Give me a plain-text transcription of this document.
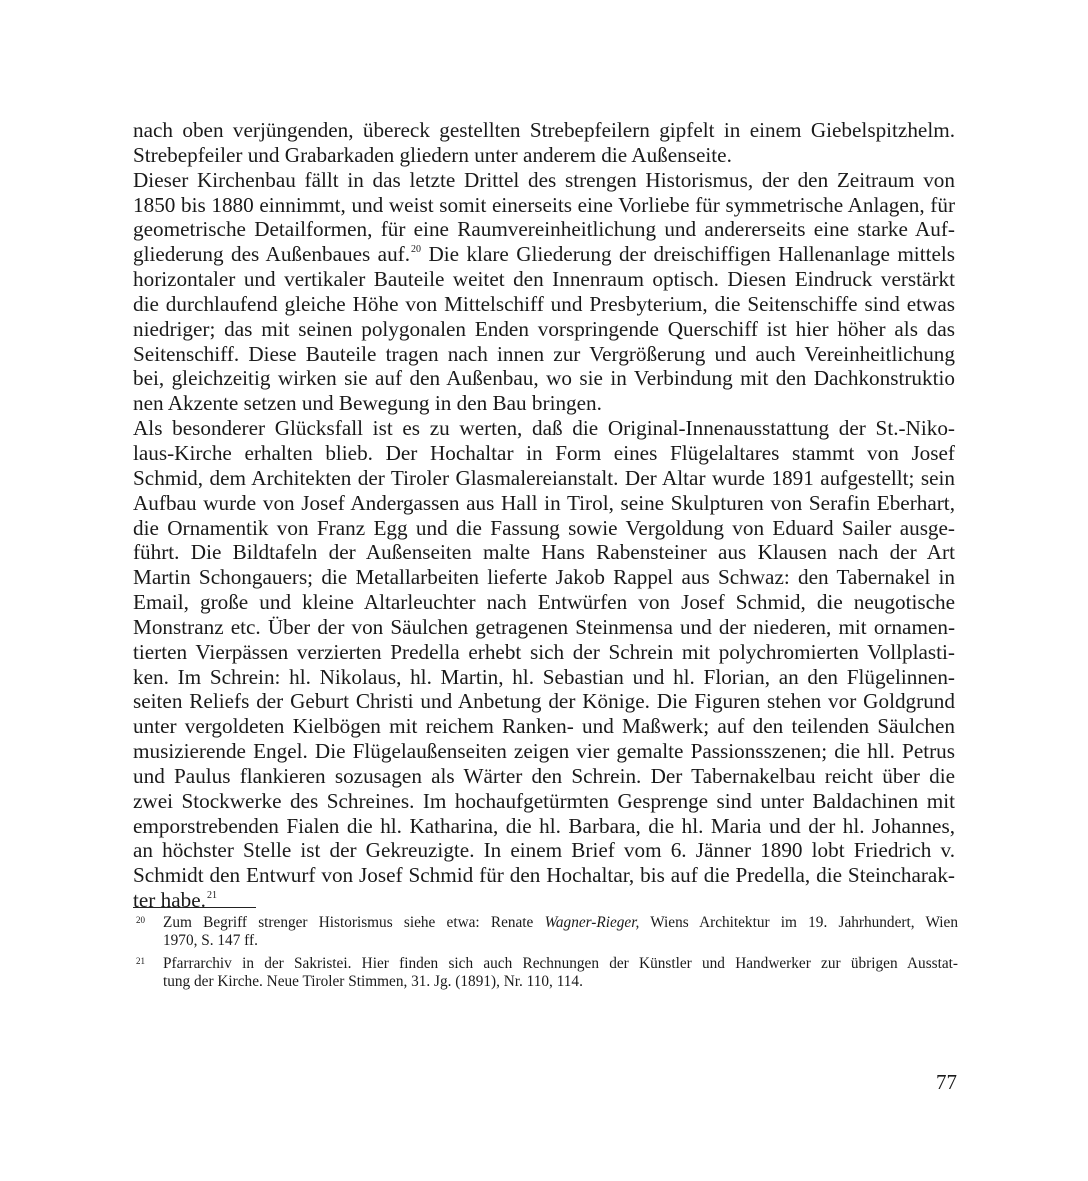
nach oben verjüngenden, übereck gestellten Strebepfeilern gipfelt in einem Giebelspitzhelm.
Strebepfeiler und Grabarkaden gliedern unter anderem die Außenseite.

Dieser Kirchenbau fällt in das letzte Drittel des strengen Historismus, der den Zeitraum von
1850 bis 1880 einnimmt, und weist somit einerseits eine Vorliebe für symmetrische Anlagen, für
geometrische Detailformen, für eine Raumvereinheitlichung und andererseits eine starke Auf-
gliederung des Außenbaues auf.$^{20}$ Die klare Gliederung der dreischiffigen Hallenanlage mittels
horizontaler und vertikaler Bauteile weitet den Innenraum optisch. Diesen Eindruck verstärkt
die durchlaufend gleiche Höhe von Mittelschiff und Presbyterium, die Seitenschiffe sind etwas
niedriger; das mit seinen polygonalen Enden vorspringende Querschiff ist hier höher als das
Seitenschiff. Diese Bauteile tragen nach innen zur Vergrößerung und auch Vereinheitlichung
bei, gleichzeitig wirken sie auf den Außenbau, wo sie in Verbindung mit den Dachkonstruktio
nen Akzente setzen und Bewegung in den Bau bringen.

Als besonderer Glücksfall ist es zu werten, daß die Original-Innenausstattung der St.-Niko-
laus-Kirche erhalten blieb. Der Hochaltar in Form eines Flügelaltares stammt von Josef
Schmid, dem Architekten der Tiroler Glasmalereianstalt. Der Altar wurde 1891 aufgestellt; sein
Aufbau wurde von Josef Andergassen aus Hall in Tirol, seine Skulpturen von Serafin Eberhart,
die Ornamentik von Franz Egg und die Fassung sowie Vergoldung von Eduard Sailer ausge-
führt. Die Bildtafeln der Außenseiten malte Hans Rabensteiner aus Klausen nach der Art
Martin Schongauers; die Metallarbeiten lieferte Jakob Rappel aus Schwaz: den Tabernakel in
Email, große und kleine Altarleuchter nach Entwürfen von Josef Schmid, die neugotische
Monstranz etc. Über der von Säulchen getragenen Steinmensa und der niederen, mit ornamen-
tierten Vierpässen verzierten Predella erhebt sich der Schrein mit polychromierten Vollplasti-
ken. Im Schrein: hl. Nikolaus, hl. Martin, hl. Sebastian und hl. Florian, an den Flügelinnen-
seiten Reliefs der Geburt Christi und Anbetung der Könige. Die Figuren stehen vor Goldgrund
unter vergoldeten Kielbögen mit reichem Ranken- und Maßwerk; auf den teilenden Säulchen
musizierende Engel. Die Flügelaußenseiten zeigen vier gemalte Passionsszenen; die hll. Petrus
und Paulus flankieren sozusagen als Wärter den Schrein. Der Tabernakelbau reicht über die
zwei Stockwerke des Schreines. Im hochaufgetürmten Gesprenge sind unter Baldachinen mit
emporstrebenden Fialen die hl. Katharina, die hl. Barbara, die hl. Maria und der hl. Johannes,
an höchster Stelle ist der Gekreuzigte. In einem Brief vom 6. Jänner 1890 lobt Friedrich v.
Schmidt den Entwurf von Josef Schmid für den Hochaltar, bis auf die Predella, die Steincharak-
ter habe.$^{21}$

20 Zum Begriff strenger Historismus siehe etwa: Renate Wagner-Rieger, Wiens Architektur im 19. Jahrhundert, Wien
1970, S. 147 ff.
21 Pfarrarchiv in der Sakristei. Hier finden sich auch Rechnungen der Künstler und Handwerker zur übrigen Ausstat-
tung der Kirche. Neue Tiroler Stimmen, 31. Jg. (1891), Nr. 110, 114.
77
